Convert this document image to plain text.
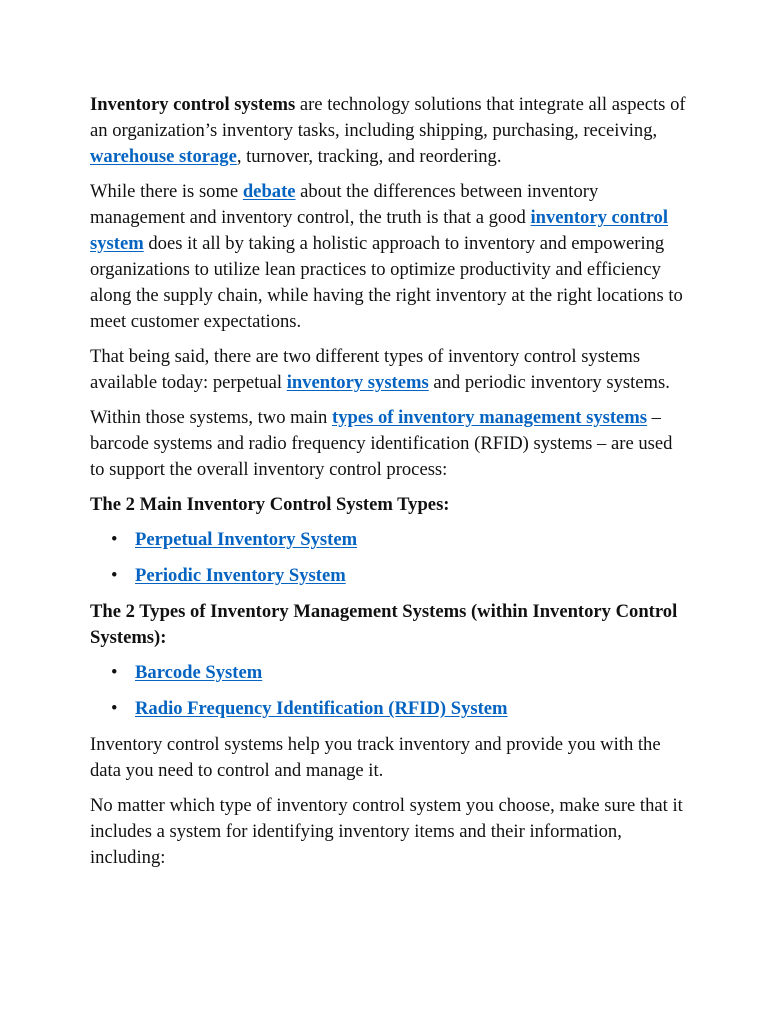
Inventory control systems are technology solutions that integrate all aspects of an organization’s inventory tasks, including shipping, purchasing, receiving, warehouse storage, turnover, tracking, and reordering.

While there is some debate about the differences between inventory management and inventory control, the truth is that a good inventory control system does it all by taking a holistic approach to inventory and empowering organizations to utilize lean practices to optimize productivity and efficiency along the supply chain, while having the right inventory at the right locations to meet customer expectations.

That being said, there are two different types of inventory control systems available today: perpetual inventory systems and periodic inventory systems.

Within those systems, two main types of inventory management systems – barcode systems and radio frequency identification (RFID) systems – are used to support the overall inventory control process:

The 2 Main Inventory Control System Types:

• Perpetual Inventory System
• Periodic Inventory System

The 2 Types of Inventory Management Systems (within Inventory Control Systems):

• Barcode System
• Radio Frequency Identification (RFID) System

Inventory control systems help you track inventory and provide you with the data you need to control and manage it.

No matter which type of inventory control system you choose, make sure that it includes a system for identifying inventory items and their information, including:
